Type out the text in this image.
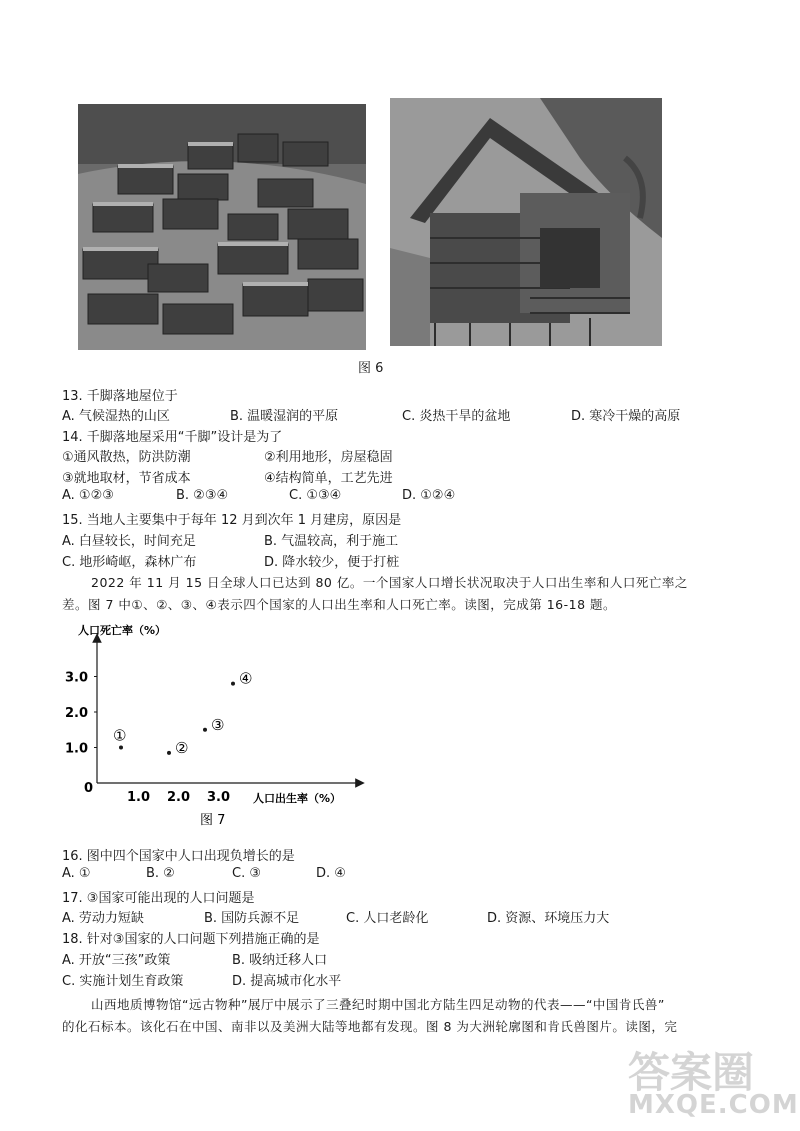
图 6
13. 千脚落地屋位于
A. 气候湿热的山区	B. 温暖湿润的平原	C. 炎热干旱的盆地	D. 寒冷干燥的高原
14. 千脚落地屋采用“千脚”设计是为了
①通风散热，防洪防潮	②利用地形，房屋稳固
③就地取材，节省成本	④结构简单，工艺先进
A. ①②③	B. ②③④	C. ①③④	D. ①②④
15. 当地人主要集中于每年 12 月到次年 1 月建房，原因是
A. 白昼较长，时间充足	B. 气温较高，利于施工
C. 地形崎岖，森林广布	D. 降水较少，便于打桩
2022 年 11 月 15 日全球人口已达到 80 亿。一个国家人口增长状况取决于人口出生率和人口死亡率之
差。图 7 中①、②、③、④表示四个国家的人口出生率和人口死亡率。读图，完成第 16-18 题。
人口死亡率（%）
人口出生率（%）
0
1.0 2.0 3.0
1.0
2.0
3.0
①
②
③
④
图 7
16. 图中四个国家中人口出现负增长的是
A. ①	B. ②	C. ③	D. ④
17. ③国家可能出现的人口问题是
A. 劳动力短缺	B. 国防兵源不足	C. 人口老龄化	D. 资源、环境压力大
18. 针对③国家的人口问题下列措施正确的是
A. 开放“三孩”政策	B. 吸纳迁移人口
C. 实施计划生育政策	D. 提高城市化水平
山西地质博物馆“远古物种”展厅中展示了三叠纪时期中国北方陆生四足动物的代表——“中国肯氏兽”
的化石标本。该化石在中国、南非以及美洲大陆等地都有发现。图 8 为大洲轮廓图和肯氏兽图片。读图，完
答案圈
MXQE.COM
